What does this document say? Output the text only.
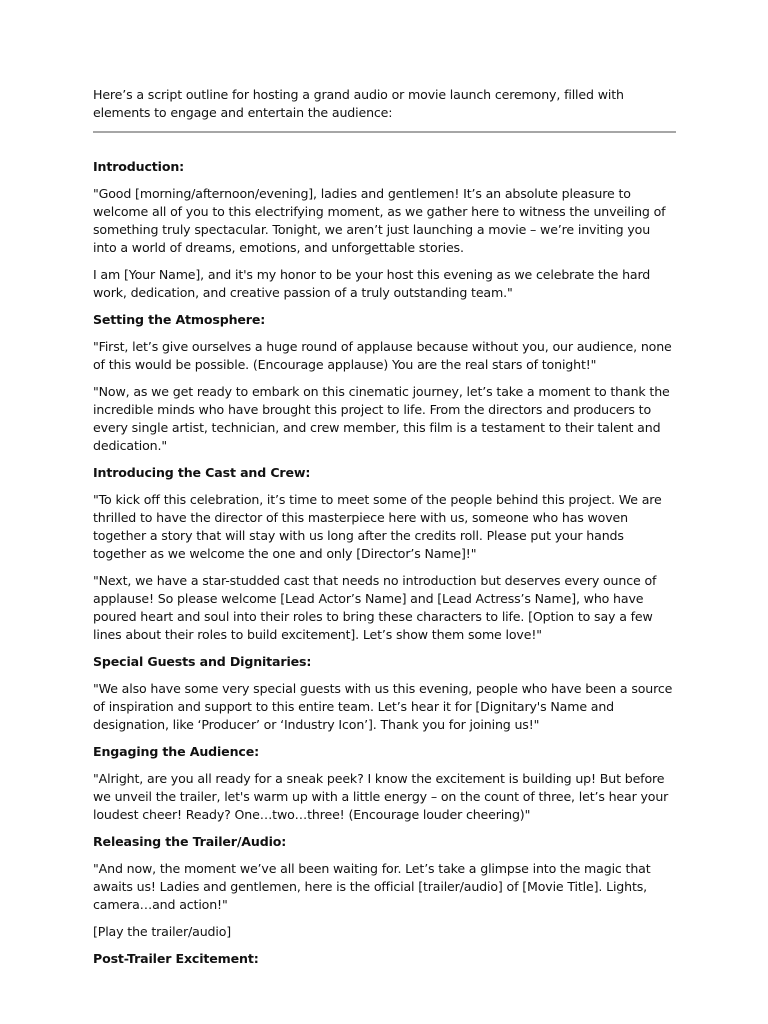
Here’s a script outline for hosting a grand audio or movie launch ceremony, filled with elements to engage and entertain the audience:

Introduction:

"Good [morning/afternoon/evening], ladies and gentlemen! It’s an absolute pleasure to welcome all of you to this electrifying moment, as we gather here to witness the unveiling of something truly spectacular. Tonight, we aren’t just launching a movie – we’re inviting you into a world of dreams, emotions, and unforgettable stories.

I am [Your Name], and it's my honor to be your host this evening as we celebrate the hard work, dedication, and creative passion of a truly outstanding team."

Setting the Atmosphere:

"First, let’s give ourselves a huge round of applause because without you, our audience, none of this would be possible. (Encourage applause) You are the real stars of tonight!"

"Now, as we get ready to embark on this cinematic journey, let’s take a moment to thank the incredible minds who have brought this project to life. From the directors and producers to every single artist, technician, and crew member, this film is a testament to their talent and dedication."

Introducing the Cast and Crew:

"To kick off this celebration, it’s time to meet some of the people behind this project. We are thrilled to have the director of this masterpiece here with us, someone who has woven together a story that will stay with us long after the credits roll. Please put your hands together as we welcome the one and only [Director’s Name]!"

"Next, we have a star-studded cast that needs no introduction but deserves every ounce of applause! So please welcome [Lead Actor’s Name] and [Lead Actress’s Name], who have poured heart and soul into their roles to bring these characters to life. [Option to say a few lines about their roles to build excitement]. Let’s show them some love!"

Special Guests and Dignitaries:

"We also have some very special guests with us this evening, people who have been a source of inspiration and support to this entire team. Let’s hear it for [Dignitary's Name and designation, like ‘Producer’ or ‘Industry Icon’]. Thank you for joining us!"

Engaging the Audience:

"Alright, are you all ready for a sneak peek? I know the excitement is building up! But before we unveil the trailer, let's warm up with a little energy – on the count of three, let’s hear your loudest cheer! Ready? One…two…three! (Encourage louder cheering)"

Releasing the Trailer/Audio:

"And now, the moment we’ve all been waiting for. Let’s take a glimpse into the magic that awaits us! Ladies and gentlemen, here is the official [trailer/audio] of [Movie Title]. Lights, camera…and action!"

[Play the trailer/audio]

Post-Trailer Excitement:
